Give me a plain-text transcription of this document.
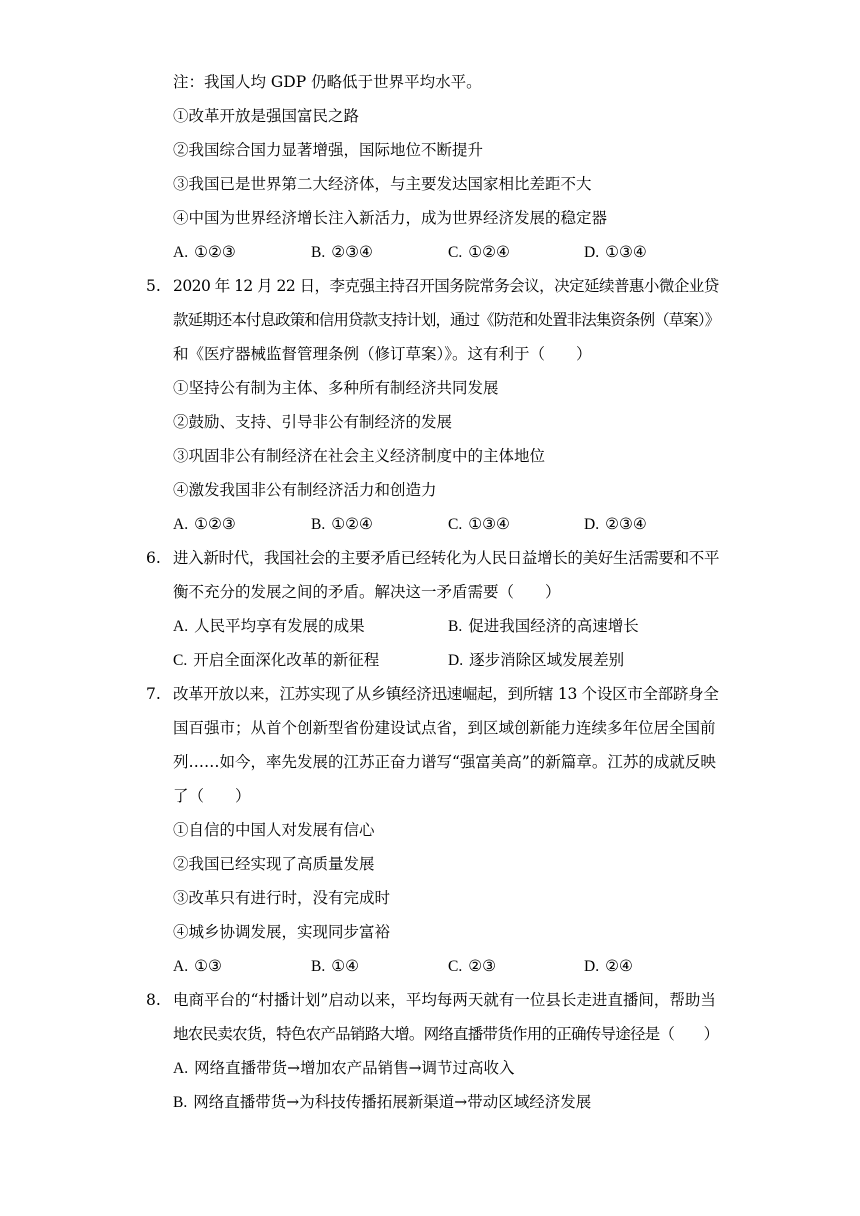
注：我国人均 GDP 仍略低于世界平均水平。
①改革开放是强国富民之路
②我国综合国力显著增强，国际地位不断提升
③我国已是世界第二大经济体，与主要发达国家相比差距不大
④中国为世界经济增长注入新活力，成为世界经济发展的稳定器
A. ①②③	B. ②③④	C. ①②④	D. ①③④
5. 2020 年 12 月 22 日，李克强主持召开国务院常务会议，决定延续普惠小微企业贷
款延期还本付息政策和信用贷款支持计划，通过《防范和处置非法集资条例（草案）》
和《医疗器械监督管理条例（修订草案）》。这有利于（　　）
①坚持公有制为主体、多种所有制经济共同发展
②鼓励、支持、引导非公有制经济的发展
③巩固非公有制经济在社会主义经济制度中的主体地位
④激发我国非公有制经济活力和创造力
A. ①②③	B. ①②④	C. ①③④	D. ②③④
6. 进入新时代，我国社会的主要矛盾已经转化为人民日益增长的美好生活需要和不平
衡不充分的发展之间的矛盾。解决这一矛盾需要（　　）
A. 人民平均享有发展的成果	B. 促进我国经济的高速增长
C. 开启全面深化改革的新征程	D. 逐步消除区域发展差别
7. 改革开放以来，江苏实现了从乡镇经济迅速崛起，到所辖 13 个设区市全部跻身全
国百强市；从首个创新型省份建设试点省，到区域创新能力连续多年位居全国前
列……如今，率先发展的江苏正奋力谱写“强富美高”的新篇章。江苏的成就反映
了（　　）
①自信的中国人对发展有信心
②我国已经实现了高质量发展
③改革只有进行时，没有完成时
④城乡协调发展，实现同步富裕
A. ①③	B. ①④	C. ②③	D. ②④
8. 电商平台的“村播计划”启动以来，平均每两天就有一位县长走进直播间，帮助当
地农民卖农货，特色农产品销路大增。网络直播带货作用的正确传导途径是（　　）
A. 网络直播带货→增加农产品销售→调节过高收入
B. 网络直播带货→为科技传播拓展新渠道→带动区域经济发展
